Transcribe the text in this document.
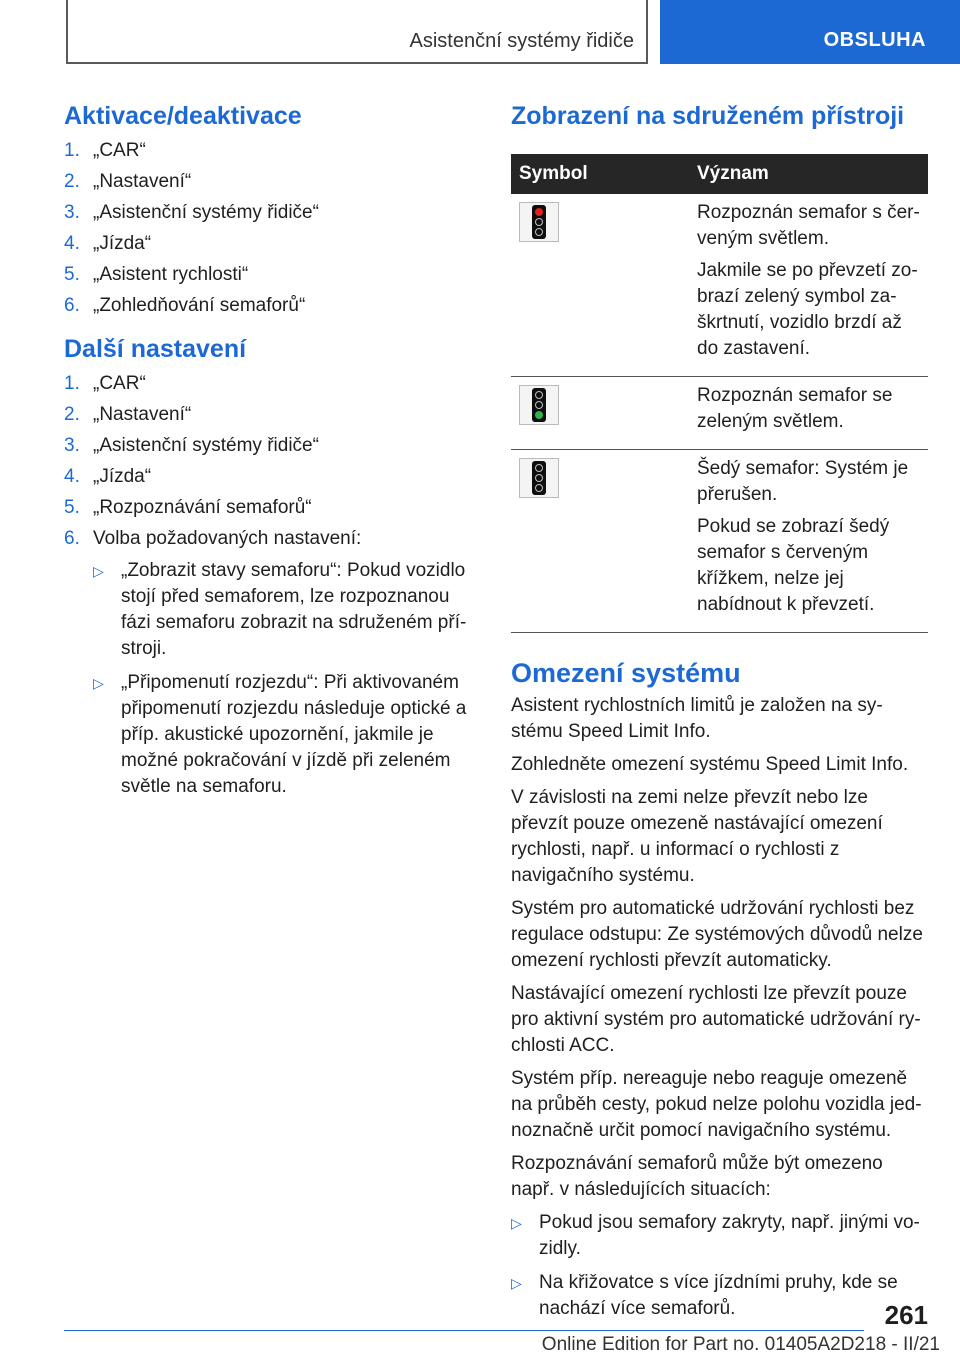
Asistenční systémy řidiče	OBSLUHA
Aktivace/deaktivace
1. „CAR“
2. „Nastavení“
3. „Asistenční systémy řidiče“
4. „Jízda“
5. „Asistent rychlosti“
6. „Zohledňování semaforů“
Další nastavení
1. „CAR“
2. „Nastavení“
3. „Asistenční systémy řidiče“
4. „Jízda“
5. „Rozpoznávání semaforů“
6. Volba požadovaných nastavení:
▷ „Zobrazit stavy semaforu“: Pokud vozidlo stojí před semaforem, lze rozpoznanou fázi semaforu zobrazit na sdruženém přístroji.
▷ „Připomenutí rozjezdu“: Při aktivovaném připomenutí rozjezdu následuje optické a příp. akustické upozornění, jakmile je možné pokračování v jízdě při zeleném světle na semaforu.
Zobrazení na sdruženém přístroji
Symbol	Význam

	Rozpoznán semafor s červeným světlem.

Jakmile se po převzetí zobrazí zelený symbol zaškrtnutí, vozidlo brzdí až do zastavení.

	Rozpoznán semafor se zeleným světlem.

	Šedý semafor: Systém je přerušen.

Pokud se zobrazí šedý semafor s červeným křížkem, nelze jej nabídnout k převzetí.

Omezení systému

Asistent rychlostních limitů je založen na systému Speed Limit Info.

Zohledněte omezení systému Speed Limit Info.

V závislosti na zemi nelze převzít nebo lze převzít pouze omezeně nastávající omezení rychlosti, např. u informací o rychlosti z navigačního systému.

Systém pro automatické udržování rychlosti bez regulace odstupu: Ze systémových důvodů nelze omezení rychlosti převzít automaticky.

Nastávající omezení rychlosti lze převzít pouze pro aktivní systém pro automatické udržování rychlosti ACC.

Systém příp. nereaguje nebo reaguje omezeně na průběh cesty, pokud nelze polohu vozidla jednoznačně určit pomocí navigačního systému.

Rozpoznávání semaforů může být omezeno např. v následujících situacích:

▷ Pokud jsou semafory zakryty, např. jinými vozidly.
▷ Na křižovatce s více jízdními pruhy, kde se nachází více semaforů.	261
Online Edition for Part no. 01405A2D218 - II/21
